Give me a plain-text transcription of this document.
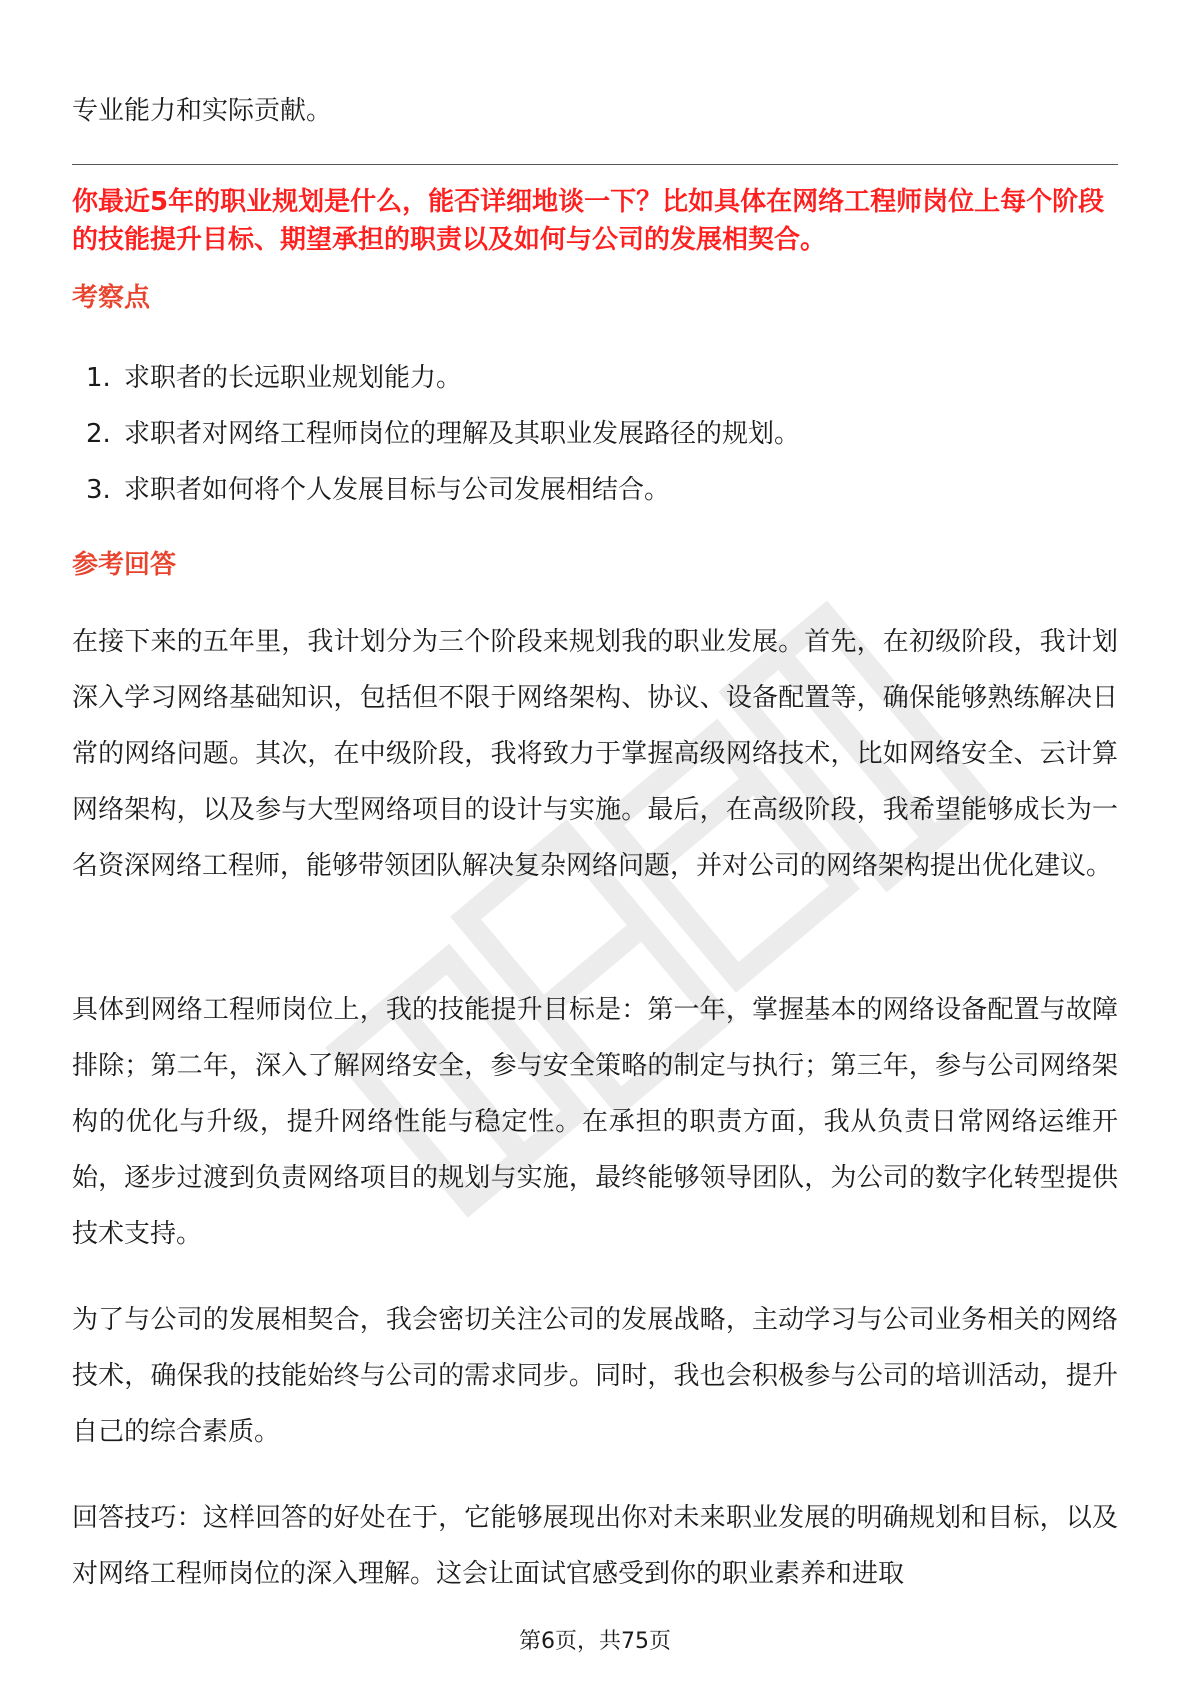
专业能力和实际贡献。

你最近5年的职业规划是什么，能否详细地谈一下？比如具体在网络工程师岗位上每个阶段的技能提升目标、期望承担的职责以及如何与公司的发展相契合。

考察点
1. 求职者的长远职业规划能力。
2. 求职者对网络工程师岗位的理解及其职业发展路径的规划。
3. 求职者如何将个人发展目标与公司发展相结合。
参考回答

在接下来的五年里，我计划分为三个阶段来规划我的职业发展。首先，在初级阶段，我计划深入学习网络基础知识，包括但不限于网络架构、协议、设备配置等，确保能够熟练解决日常的网络问题。其次，在中级阶段，我将致力于掌握高级网络技术，比如网络安全、云计算网络架构，以及参与大型网络项目的设计与实施。最后，在高级阶段，我希望能够成长为一名资深网络工程师，能够带领团队解决复杂网络问题，并对公司的网络架构提出优化建议。

具体到网络工程师岗位上，我的技能提升目标是：第一年，掌握基本的网络设备配置与故障排除；第二年，深入了解网络安全，参与安全策略的制定与执行；第三年，参与公司网络架构的优化与升级，提升网络性能与稳定性。在承担的职责方面，我从负责日常网络运维开始，逐步过渡到负责网络项目的规划与实施，最终能够领导团队，为公司的数字化转型提供技术支持。

为了与公司的发展相契合，我会密切关注公司的发展战略，主动学习与公司业务相关的网络技术，确保我的技能始终与公司的需求同步。同时，我也会积极参与公司的培训活动，提升自己的综合素质。

回答技巧：这样回答的好处在于，它能够展现出你对未来职业发展的明确规划和目标，以及对网络工程师岗位的深入理解。这会让面试官感受到你的职业素养和进取

第6页，共75页
